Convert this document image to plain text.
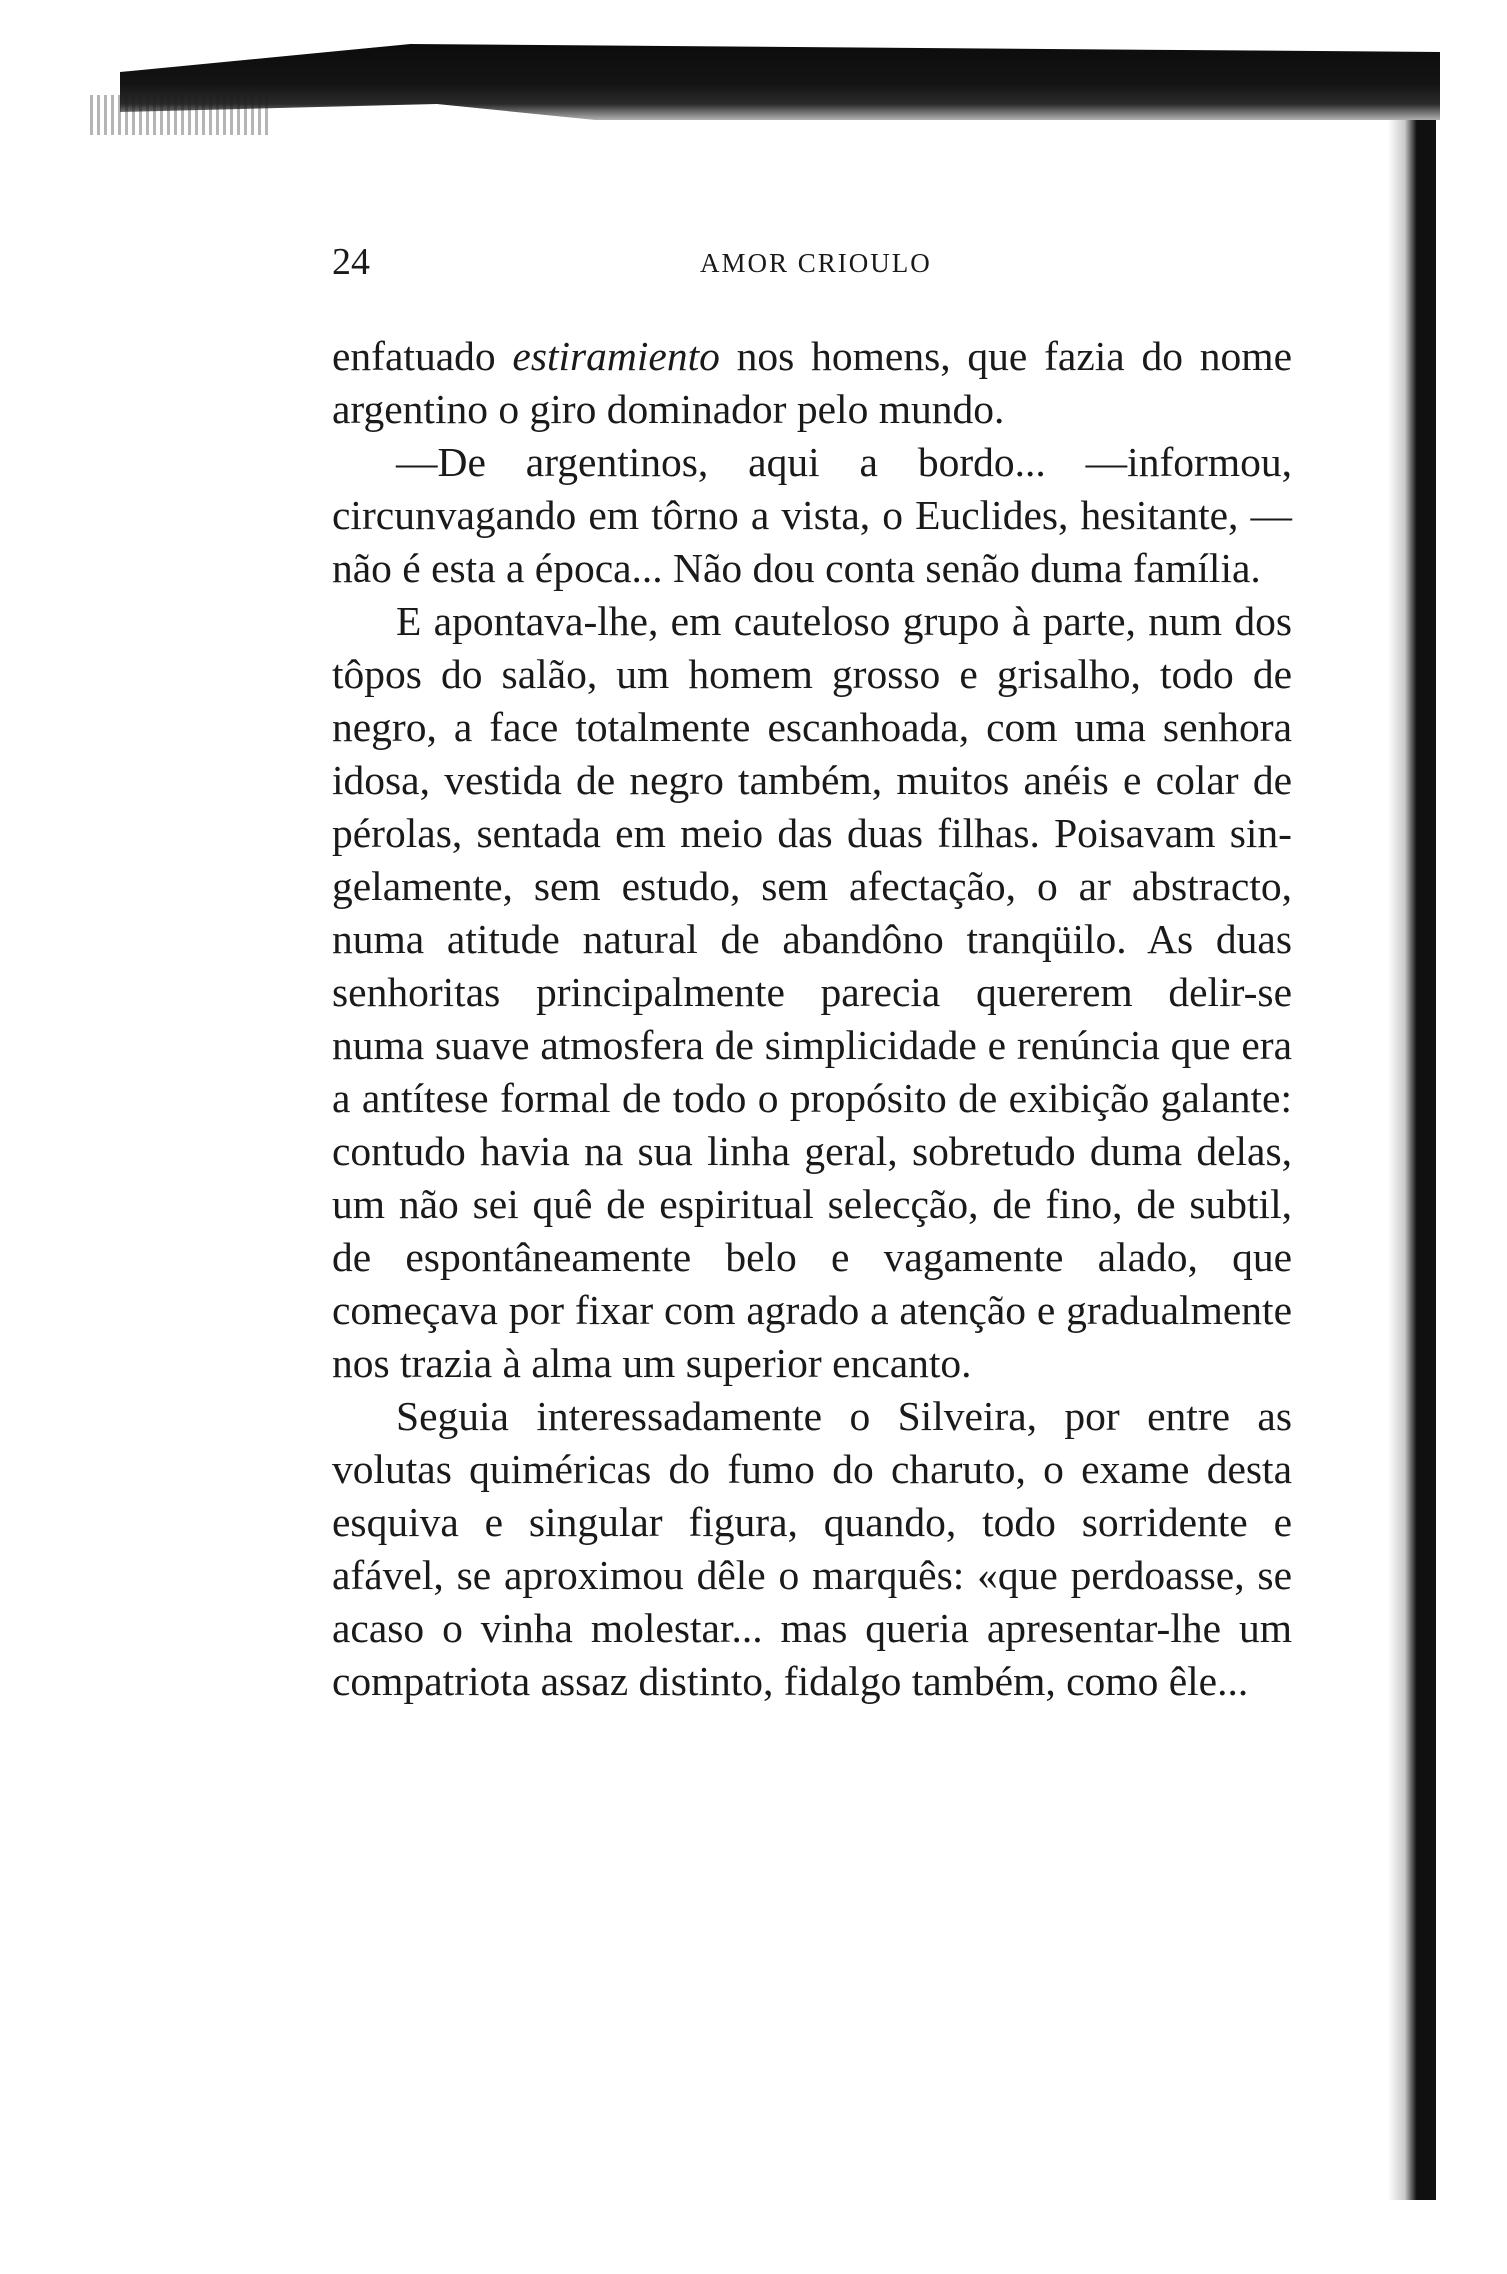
24	AMOR CRIOULO

enfatuado estiramiento nos homens, que fazia do nome argentino o giro dominador pelo mundo.

—De argentinos, aqui a bordo... —informou, circunvagando em tôrno a vista, o Euclides, hesitante, —não é esta a época... Não dou conta senão duma família.

E apontava-lhe, em cauteloso grupo à parte, num dos tôpos do salão, um homem grosso e grisalho, todo de negro, a face totalmente escanhoada, com uma senhora idosa, vestida de negro também, muitos anéis e colar de pérolas, sentada em meio das duas filhas. Poisavam singelamente, sem estudo, sem afectação, o ar abstracto, numa atitude natural de abandôno tranqüilo. As duas senhoritas principalmente parecia quererem delir-se numa suave atmosfera de simplicidade e renúncia que era a antítese formal de todo o propósito de exibição galante: contudo havia na sua linha geral, sobretudo duma delas, um não sei quê de espiritual selecção, de fino, de subtil, de espontâneamente belo e vagamente alado, que começava por fixar com agrado a atenção e gradualmente nos trazia à alma um superior encanto.

Seguia interessadamente o Silveira, por entre as volutas quiméricas do fumo do charuto, o exame desta esquiva e singular figura, quando, todo sorridente e afável, se aproximou dêle o marquês: «que perdoasse, se acaso o vinha molestar... mas queria apresentar-lhe um compatriota assaz distinto, fidalgo também, como êle...
